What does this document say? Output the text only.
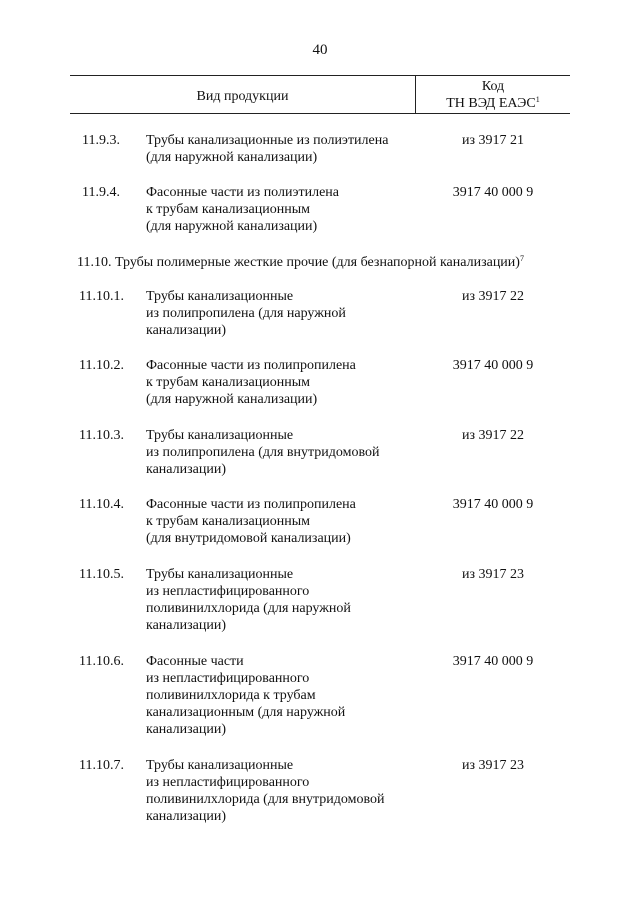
40
Вид продукции
Код
ТН ВЭД ЕАЭС$^1$
11.9.3. Трубы канализационные из полиэтилена
(для наружной канализации)
из 3917 21
11.9.4. Фасонные части из полиэтилена
к трубам канализационным
(для наружной канализации)
3917 40 000 9
11.10. Трубы полимерные жесткие прочие (для безнапорной канализации)$^7$
11.10.1. Трубы канализационные
из полипропилена (для наружной
канализации)
из 3917 22
11.10.2. Фасонные части из полипропилена
к трубам канализационным
(для наружной канализации)
3917 40 000 9
11.10.3. Трубы канализационные
из полипропилена (для внутридомовой
канализации)
из 3917 22
11.10.4. Фасонные части из полипропилена
к трубам канализационным
(для внутридомовой канализации)
3917 40 000 9
11.10.5. Трубы канализационные
из непластифицированного
поливинилхлорида (для наружной
канализации)
из 3917 23
11.10.6. Фасонные части
из непластифицированного
поливинилхлорида к трубам
канализационным (для наружной
канализации)
3917 40 000 9
11.10.7. Трубы канализационные
из непластифицированного
поливинилхлорида (для внутридомовой
канализации)
из 3917 23
